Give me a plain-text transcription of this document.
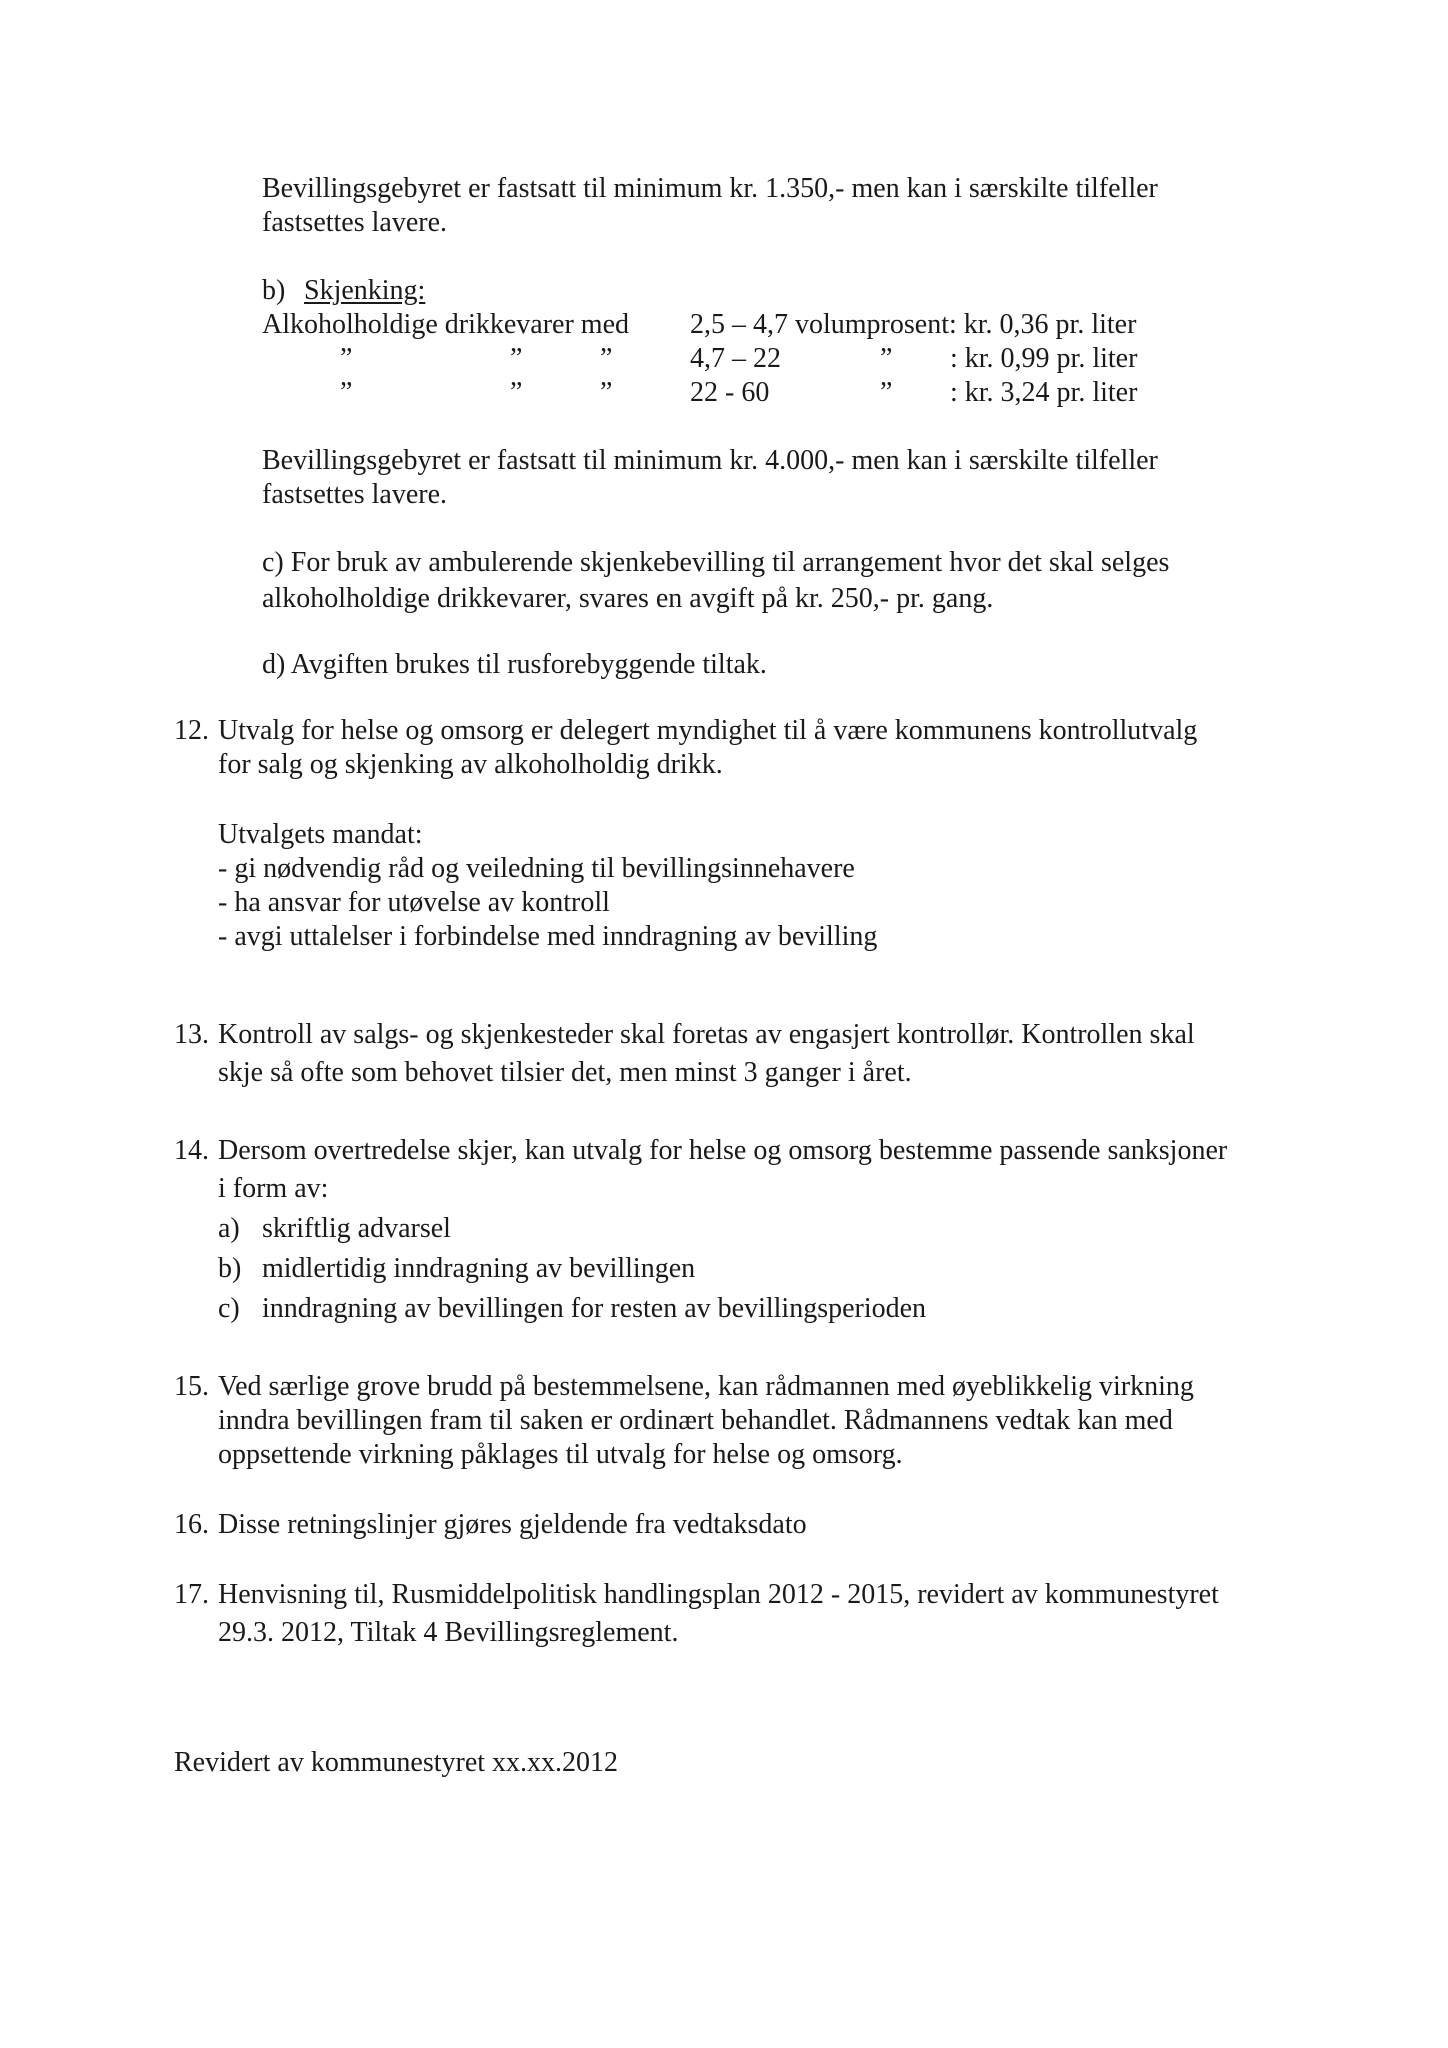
Bevillingsgebyret er fastsatt til minimum kr. 1.350,- men kan i særskilte tilfeller
fastsettes lavere.
b) Skjenking:
Alkoholholdige drikkevarer med 2,5 – 4,7 volumprosent: kr. 0,36 pr. liter
”	”	”	4,7 – 22	” : kr. 0,99 pr. liter
”	”	”	22 - 60	” : kr. 3,24 pr. liter
Bevillingsgebyret er fastsatt til minimum kr. 4.000,- men kan i særskilte tilfeller
fastsettes lavere.
c) For bruk av ambulerende skjenkebevilling til arrangement hvor det skal selges
alkoholholdige drikkevarer, svares en avgift på kr. 250,- pr. gang.
d) Avgiften brukes til rusforebyggende tiltak.
12. Utvalg for helse og omsorg er delegert myndighet til å være kommunens kontrollutvalg
for salg og skjenking av alkoholholdig drikk.
Utvalgets mandat:
- gi nødvendig råd og veiledning til bevillingsinnehavere
- ha ansvar for utøvelse av kontroll
- avgi uttalelser i forbindelse med inndragning av bevilling
13. Kontroll av salgs- og skjenkesteder skal foretas av engasjert kontrollør. Kontrollen skal
skje så ofte som behovet tilsier det, men minst 3 ganger i året.
14. Dersom overtredelse skjer, kan utvalg for helse og omsorg bestemme passende sanksjoner
i form av:
a) skriftlig advarsel
b) midlertidig inndragning av bevillingen
c) inndragning av bevillingen for resten av bevillingsperioden
15. Ved særlige grove brudd på bestemmelsene, kan rådmannen med øyeblikkelig virkning
inndra bevillingen fram til saken er ordinært behandlet. Rådmannens vedtak kan med
oppsettende virkning påklages til utvalg for helse og omsorg.
16. Disse retningslinjer gjøres gjeldende fra vedtaksdato
17. Henvisning til, Rusmiddelpolitisk handlingsplan 2012 - 2015, revidert av kommunestyret
29.3. 2012, Tiltak 4 Bevillingsreglement.
Revidert av kommunestyret xx.xx.2012
